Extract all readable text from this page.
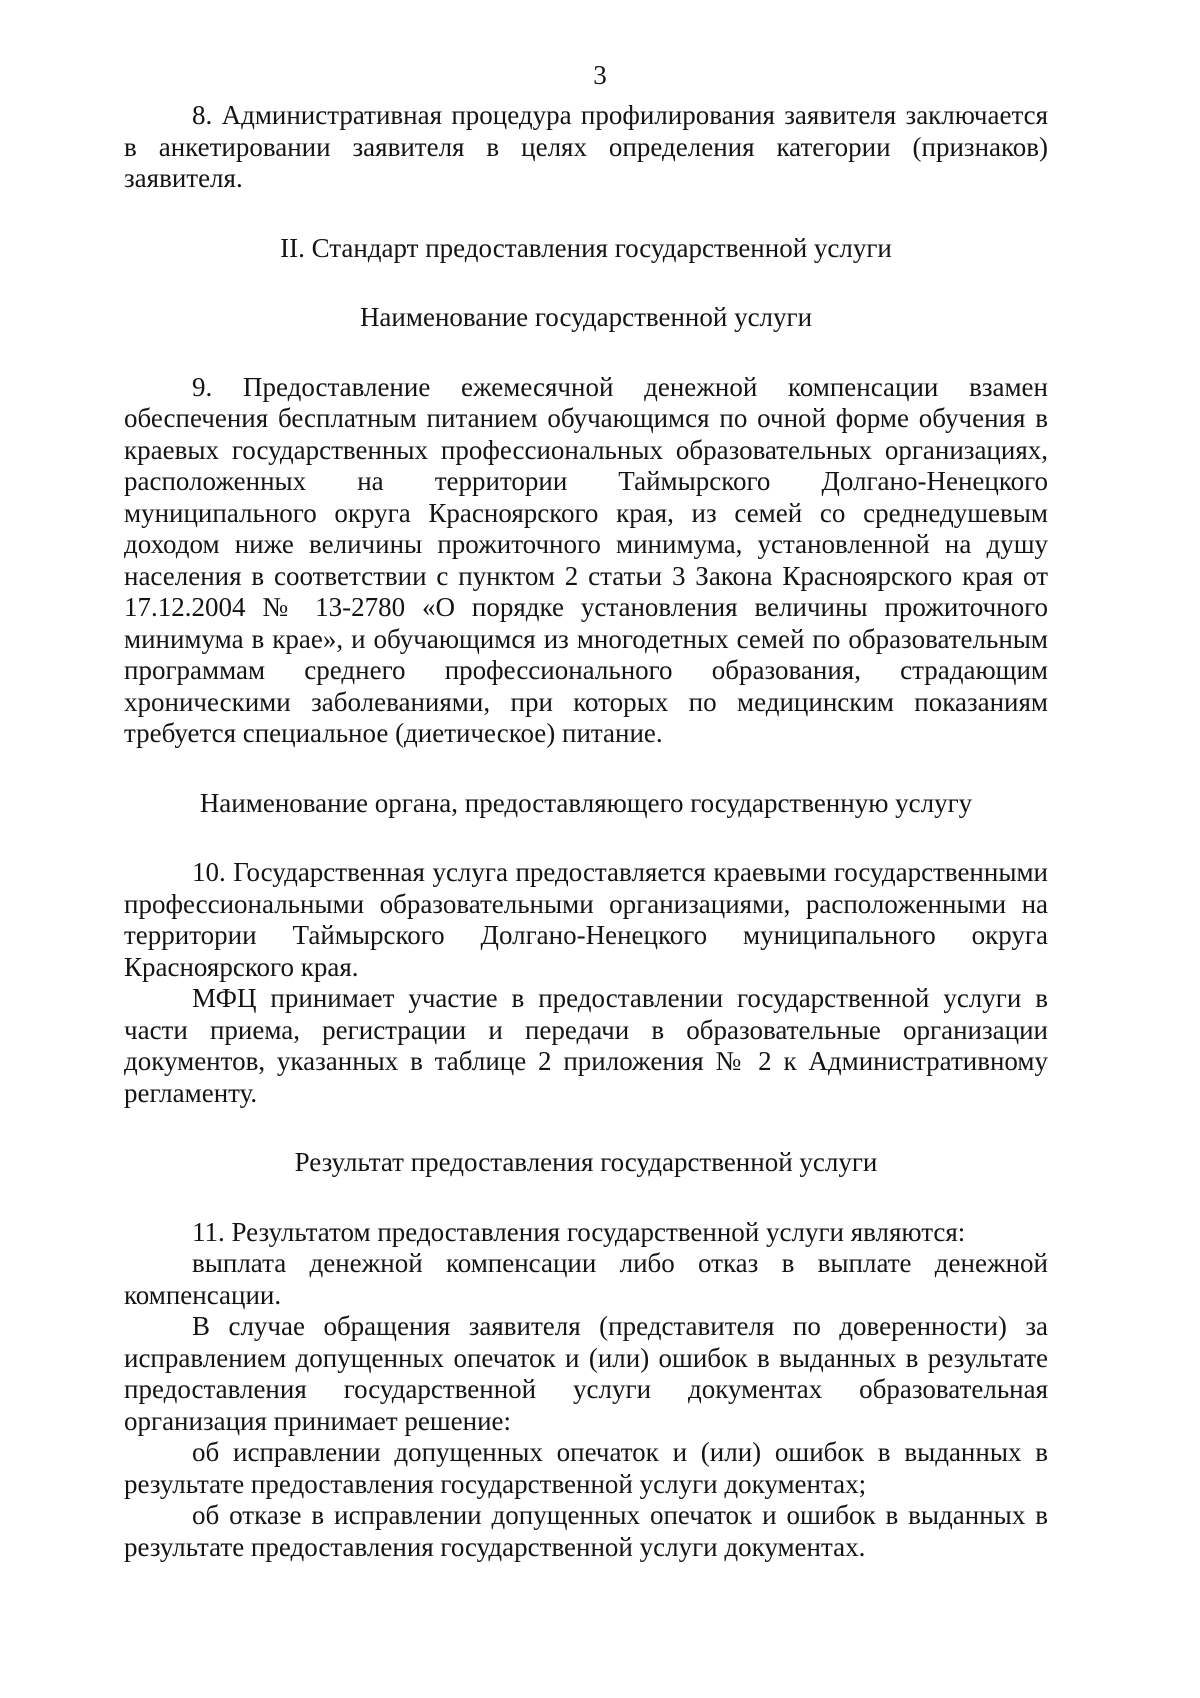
3

8. Административная процедура профилирования заявителя заключается в анкетировании заявителя в целях определения категории (признаков) заявителя.

II. Стандарт предоставления государственной услуги

Наименование государственной услуги

9. Предоставление ежемесячной денежной компенсации взамен обеспечения бесплатным питанием обучающимся по очной форме обучения в краевых государственных профессиональных образовательных организациях, расположенных на территории Таймырского Долгано-Ненецкого муниципального округа Красноярского края, из семей со среднедушевым доходом ниже величины прожиточного минимума, установленной на душу населения в соответствии с пунктом 2 статьи 3 Закона Красноярского края от 17.12.2004 № 13-2780 «О порядке установления величины прожиточного минимума в крае», и обучающимся из многодетных семей по образовательным программам среднего профессионального образования, страдающим хроническими заболеваниями, при которых по медицинским показаниям требуется специальное (диетическое) питание.

Наименование органа, предоставляющего государственную услугу

10. Государственная услуга предоставляется краевыми государственными профессиональными образовательными организациями, расположенными на территории Таймырского Долгано-Ненецкого муниципального округа Красноярского края.

МФЦ принимает участие в предоставлении государственной услуги в части приема, регистрации и передачи в образовательные организации документов, указанных в таблице 2 приложения № 2 к Административному регламенту.

Результат предоставления государственной услуги

11. Результатом предоставления государственной услуги являются:

выплата денежной компенсации либо отказ в выплате денежной компенсации.

В случае обращения заявителя (представителя по доверенности) за исправлением допущенных опечаток и (или) ошибок в выданных в результате предоставления государственной услуги документах образовательная организация принимает решение:

об исправлении допущенных опечаток и (или) ошибок в выданных в результате предоставления государственной услуги документах;

об отказе в исправлении допущенных опечаток и ошибок в выданных в результате предоставления государственной услуги документах.
